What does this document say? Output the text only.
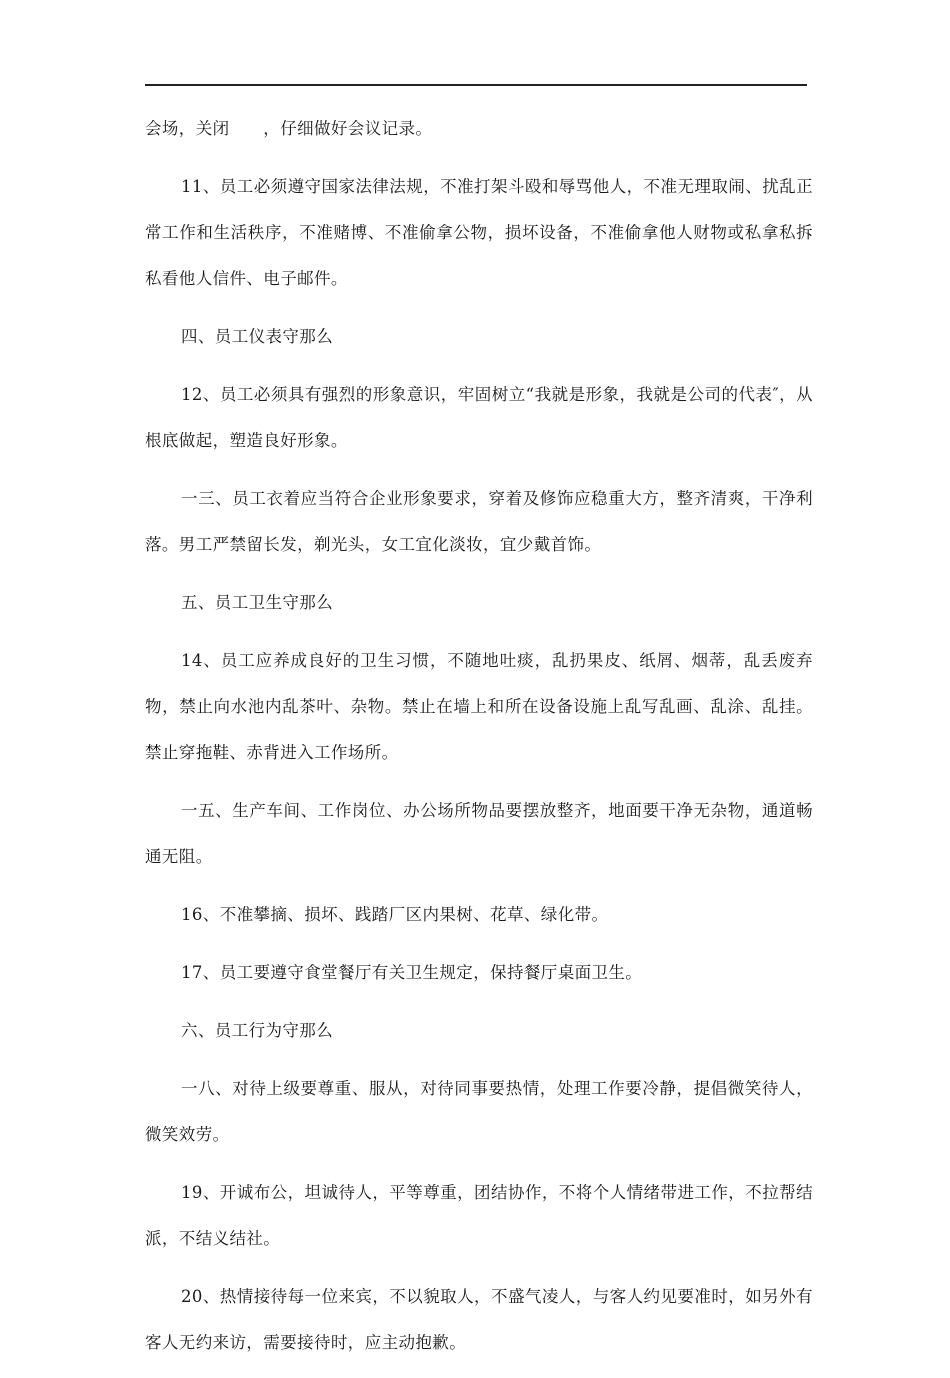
会场，关闭　　，仔细做好会议记录。

11、员工必须遵守国家法律法规，不准打架斗殴和辱骂他人，不准无理取闹、扰乱正常工作和生活秩序，不准赌博、不准偷拿公物，损坏设备，不准偷拿他人财物或私拿私拆私看他人信件、电子邮件。

四、员工仪表守那么

12、员工必须具有强烈的形象意识，牢固树立“我就是形象，我就是公司的代表″，从根底做起，塑造良好形象。

一三、员工衣着应当符合企业形象要求，穿着及修饰应稳重大方，整齐清爽，干净利落。男工严禁留长发，剃光头，女工宜化淡妆，宜少戴首饰。

五、员工卫生守那么

14、员工应养成良好的卫生习惯，不随地吐痰，乱扔果皮、纸屑、烟蒂，乱丢废弃物，禁止向水池内乱茶叶、杂物。禁止在墙上和所在设备设施上乱写乱画、乱涂、乱挂。禁止穿拖鞋、赤背进入工作场所。

一五、生产车间、工作岗位、办公场所物品要摆放整齐，地面要干净无杂物，通道畅通无阻。

16、不准攀摘、损坏、践踏厂区内果树、花草、绿化带。

17、员工要遵守食堂餐厅有关卫生规定，保持餐厅桌面卫生。

六、员工行为守那么

一八、对待上级要尊重、服从，对待同事要热情，处理工作要冷静，提倡微笑待人，微笑效劳。

19、开诚布公，坦诚待人，平等尊重，团结协作，不将个人情绪带进工作，不拉帮结派，不结义结社。

20、热情接待每一位来宾，不以貌取人，不盛气凌人，与客人约见要准时，如另外有客人无约来访，需要接待时，应主动抱歉。
